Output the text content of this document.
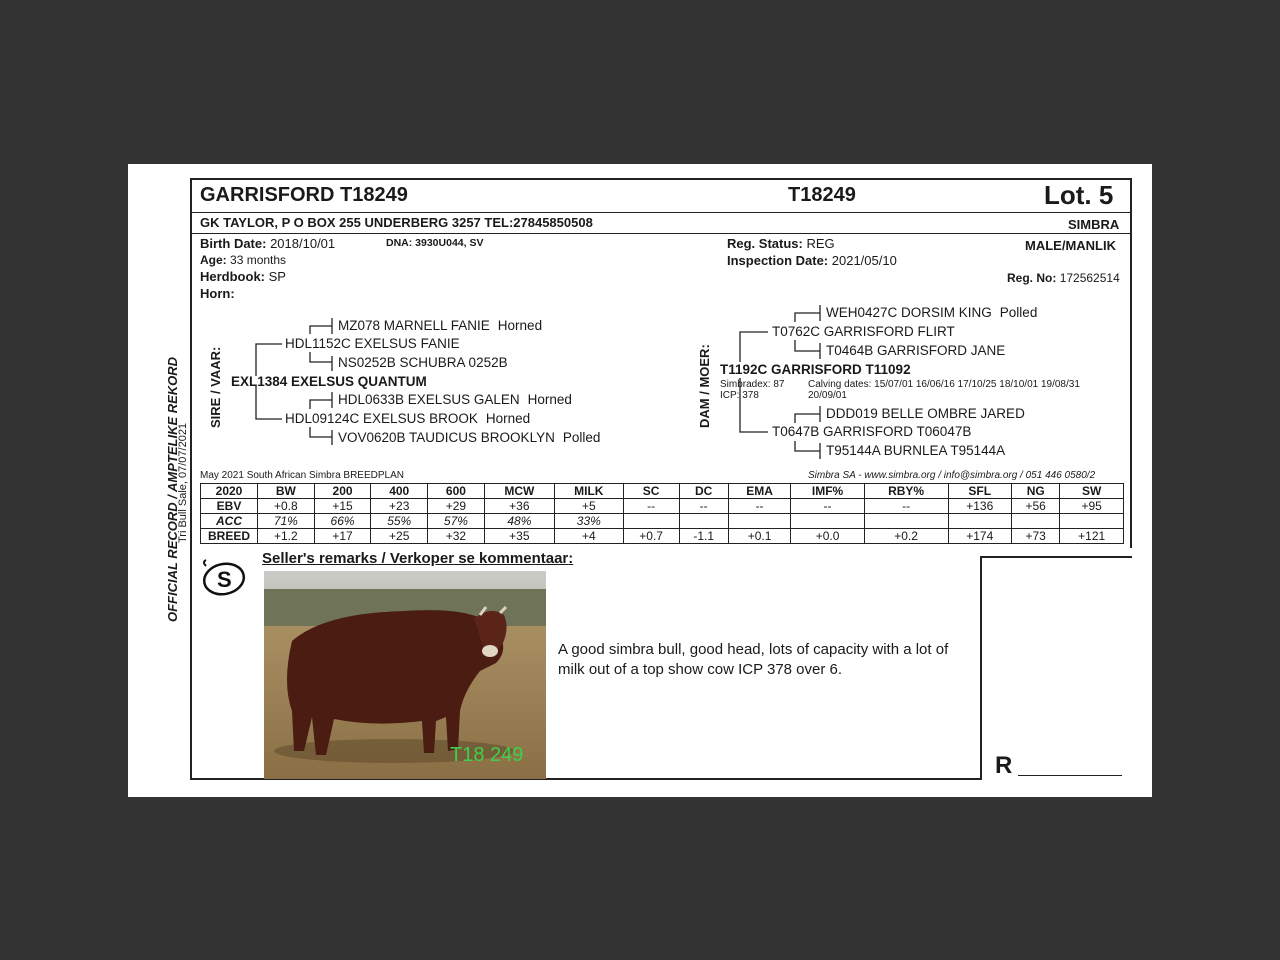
OFFICIAL RECORD / AMPTELIKE REKORD
Tri Bull Sale, 07/07/2021
GARRISFORD T18249	T18249	Lot. 5
GK TAYLOR, P O BOX 255 UNDERBERG 3257 TEL:27845850508	SIMBRA
Birth Date: 2018/10/01	DNA: 3930U044, SV
Age: 33 months
Herdbook: SP
Horn:
Reg. Status: REG
Inspection Date: 2021/05/10
MALE/MANLIK
Reg. No: 172562514
SIRE / VAAR:
MZ078 MARNELL FANIE Horned
HDL1152C EXELSUS FANIE
NS0252B SCHUBRA 0252B
EXL1384 EXELSUS QUANTUM
HDL0633B EXELSUS GALEN Horned
HDL09124C EXELSUS BROOK Horned
VOV0620B TAUDICUS BROOKLYN Polled
DAM / MOER:
WEH0427C DORSIM KING Polled
T0762C GARRISFORD FLIRT
T0464B GARRISFORD JANE
T1192C GARRISFORD T11092
Simbradex: 87
ICP: 378
Calving dates: 15/07/01 16/06/16 17/10/25 18/10/01 19/08/31
20/09/01
DDD019 BELLE OMBRE JARED
T0647B GARRISFORD T06047B
T95144A BURNLEA T95144A
May 2021 South African Simbra BREEDPLAN	Simbra SA - www.simbra.org / info@simbra.org / 051 446 0580/2
2020	BW	200	400	600	MCW	MILK	SC	DC	EMA	IMF%	RBY%	SFL	NG	SW
EBV	+0.8	+15	+23	+29	+36	+5	--	--	--	--	--	+136	+56	+95
ACC	71%	66%	55%	57%	48%	33%								
BREED	+1.2	+17	+25	+32	+35	+4	+0.7	-1.1	+0.1	+0.0	+0.2	+174	+73	+121
S
Seller's remarks / Verkoper se kommentaar:
T18 249
A good simbra bull, good head, lots of capacity with a lot of milk out of a top show cow ICP 378 over 6.
R
